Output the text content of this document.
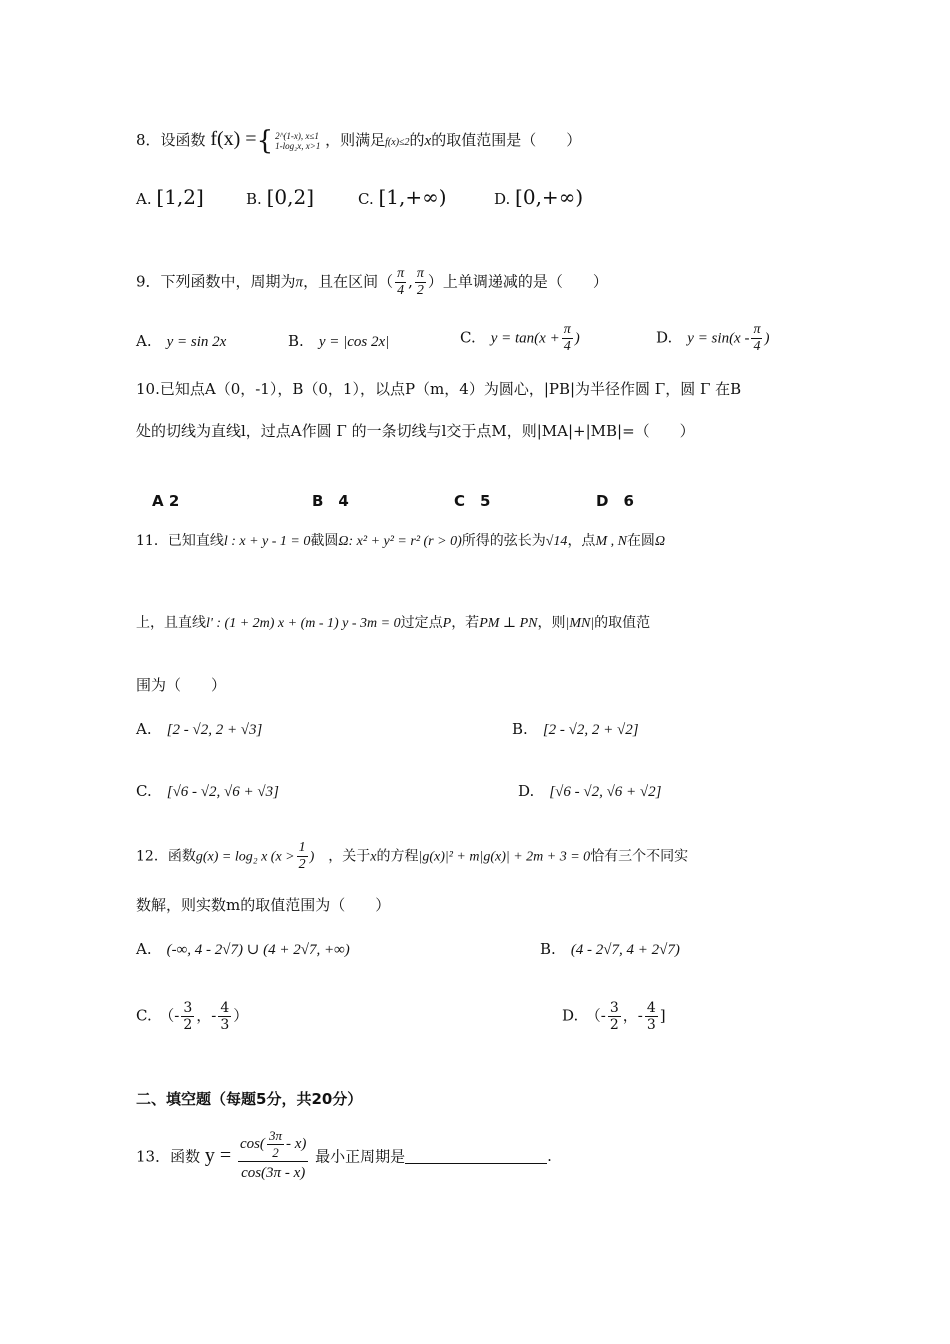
8．设函数 f(x) ={ 2^(1-x), x≤1
1-log₂x, x>1 ，则满足f(x)≤2的x的取值范围是（　　）
A. [1,2]	B. [0,2]	C. [1,+∞)	D. [0,+∞)
9．下列函数中，周期为π，且在区间（ $\frac{\pi}{4}$ , $\frac{\pi}{2}$ ）上单调递减的是（　　）
A.　 y = sin 2x	B.　 y = |cos 2x|	C.　 $y = \tan(x + \frac{\pi}{4}$ )	D.　 $y = \sin(x - \frac{\pi}{4}$ )
10.已知点A（0，-1），B（0，1），以点P（m，4）为圆心，|PB|为半径作圆 Γ，圆 Γ 在B
处的切线为直线l，过点A作圆 Γ 的一条切线与l交于点M，则|MA|+|MB|=（　　）
A 2	B　4	C　5	D　6
11．已知直线l : x + y - 1 = 0截圆Ω: x² + y² = r² (r > 0)所得的弦长为√14，点M , N在圆Ω
上，且直线l' : (1 + 2m) x + (m - 1) y - 3m = 0过定点P，若PM ⊥ PN，则|MN|的取值范
围为（　　）
A.　 [2 - √2, 2 + √3]	B.　 [2 - √2, 2 + √2]
C.　 [√6 - √2, √6 + √3]	D.　 [√6 - √2, √6 + √2]
12．函数g(x) = log₂ x ($x > \frac{1}{2}$ )　 ，关于x的方程|g(x)|² + m|g(x)| + 2m + 3 = 0恰有三个不同实
数解，则实数m的取值范围为（　　）
A.　 (-∞, 4 - 2√7) ∪ (4 + 2√7, +∞)	B.　 (4 - 2√7, 4 + 2√7)
C.　 （- $\frac{3}{2}$ ，- $\frac{4}{3}$ ）	D.　 （- $\frac{3}{2}$ ，- $\frac{4}{3}$ ]
二、填空题（每题5分，共20分）
13．函数 $y = \frac{\cos( \frac{3\pi}{2} - x)}{\cos(3\pi - x)}$ 最小正周期是	.
